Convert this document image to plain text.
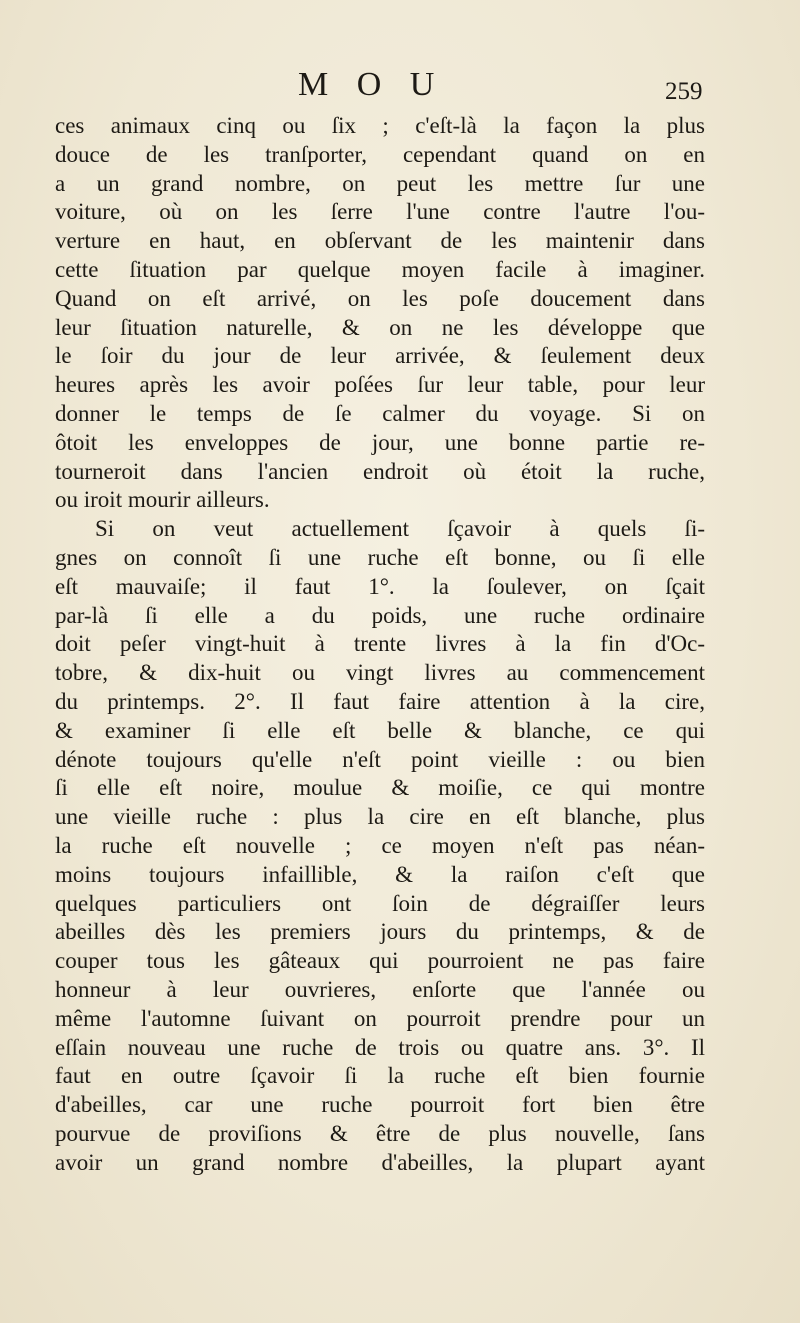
M O U	259
ces animaux cinq ou ſix ; c'eſt-là la façon la plus
douce de les tranſporter, cependant quand on en
a un grand nombre, on peut les mettre ſur une
voiture, où on les ſerre l'une contre l'autre l'ou-
verture en haut, en obſervant de les maintenir dans
cette ſituation par quelque moyen facile à imaginer.
Quand on eſt arrivé, on les poſe doucement dans
leur ſituation naturelle, & on ne les développe que
le ſoir du jour de leur arrivée, & ſeulement deux
heures après les avoir poſées ſur leur table, pour leur
donner le temps de ſe calmer du voyage. Si on
ôtoit les enveloppes de jour, une bonne partie re-
tourneroit dans l'ancien endroit où étoit la ruche,
ou iroit mourir ailleurs.
Si on veut actuellement ſçavoir à quels ſi-
gnes on connoît ſi une ruche eſt bonne, ou ſi elle
eſt mauvaiſe; il faut 1°. la ſoulever, on ſçait
par-là ſi elle a du poids, une ruche ordinaire
doit peſer vingt-huit à trente livres à la fin d'Oc-
tobre, & dix-huit ou vingt livres au commencement
du printemps. 2°. Il faut faire attention à la cire,
& examiner ſi elle eſt belle & blanche, ce qui
dénote toujours qu'elle n'eſt point vieille : ou bien
ſi elle eſt noire, moulue & moiſie, ce qui montre
une vieille ruche : plus la cire en eſt blanche, plus
la ruche eſt nouvelle ; ce moyen n'eſt pas néan-
moins toujours infaillible, & la raiſon c'eſt que
quelques particuliers ont ſoin de dégraiſſer leurs
abeilles dès les premiers jours du printemps, & de
couper tous les gâteaux qui pourroient ne pas faire
honneur à leur ouvrieres, enſorte que l'année ou
même l'automne ſuivant on pourroit prendre pour un
eſſain nouveau une ruche de trois ou quatre ans. 3°. Il
faut en outre ſçavoir ſi la ruche eſt bien fournie
d'abeilles, car une ruche pourroit fort bien être
pourvue de proviſions & être de plus nouvelle, ſans
avoir un grand nombre d'abeilles, la plupart ayant
